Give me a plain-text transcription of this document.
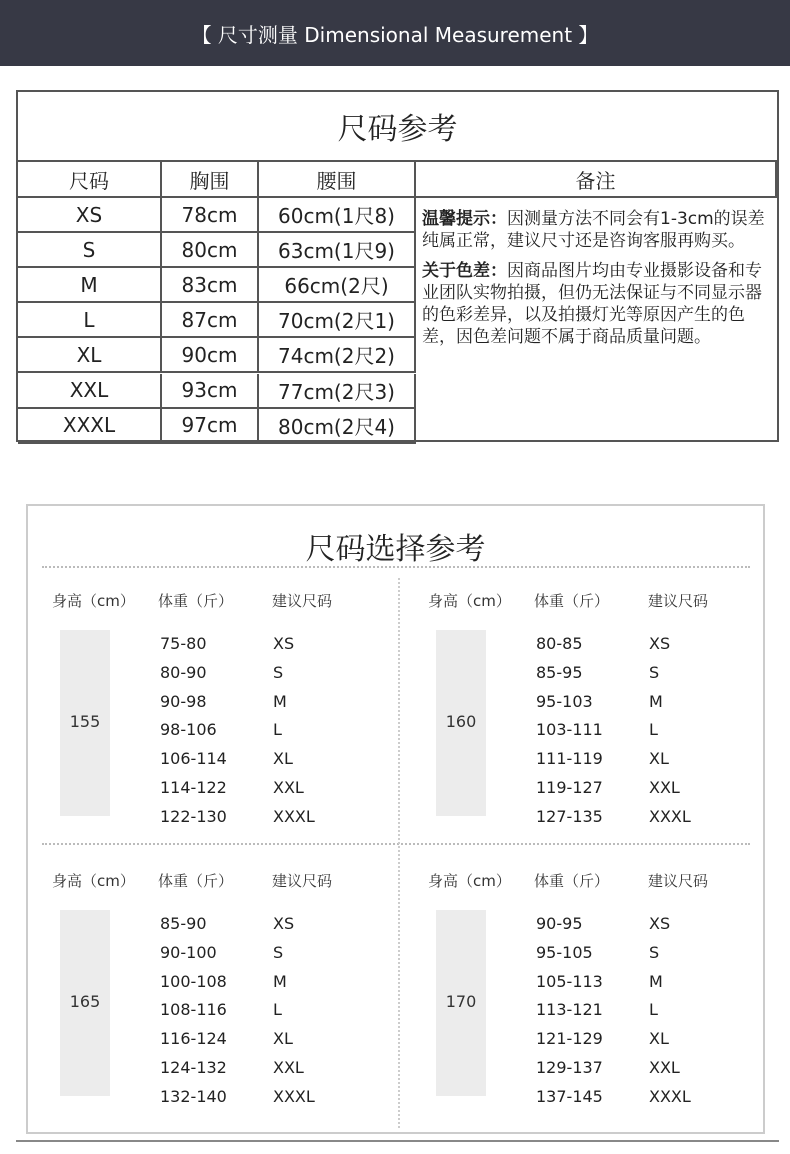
【 尺寸测量 Dimensional Measurement 】
尺码参考
尺码	胸围	腰围	备注
XS	78cm	60cm(1尺8)
S	80cm	63cm(1尺9)
M	83cm	66cm(2尺)
L	87cm	70cm(2尺1)
XL	90cm	74cm(2尺2)
XXL	93cm	77cm(2尺3)
XXXL	97cm	80cm(2尺4)

温馨提示：因测量方法不同会有1-3cm的误差纯属正常，建议尺寸还是咨询客服再购买。

关于色差：因商品图片均由专业摄影设备和专业团队实物拍摄，但仍无法保证与不同显示器的色彩差异，以及拍摄灯光等原因产生的色差，因色差问题不属于商品质量问题。

尺码选择参考
身高（cm） 体重（斤）	建议尺码
155
75-80	XS
80-90	S
90-98	M
98-106	L
106-114	XL
114-122	XXL
122-130	XXXL
身高（cm） 体重（斤）	建议尺码
160
80-85	XS
85-95	S
95-103	M
103-111	L
111-119	XL
119-127	XXL
127-135	XXXL
身高（cm） 体重（斤）	建议尺码
165
85-90	XS
90-100	S
100-108	M
108-116	L
116-124	XL
124-132	XXL
132-140	XXXL
身高（cm） 体重（斤）	建议尺码
170
90-95	XS
95-105	S
105-113	M
113-121	L
121-129	XL
129-137	XXL
137-145	XXXL
